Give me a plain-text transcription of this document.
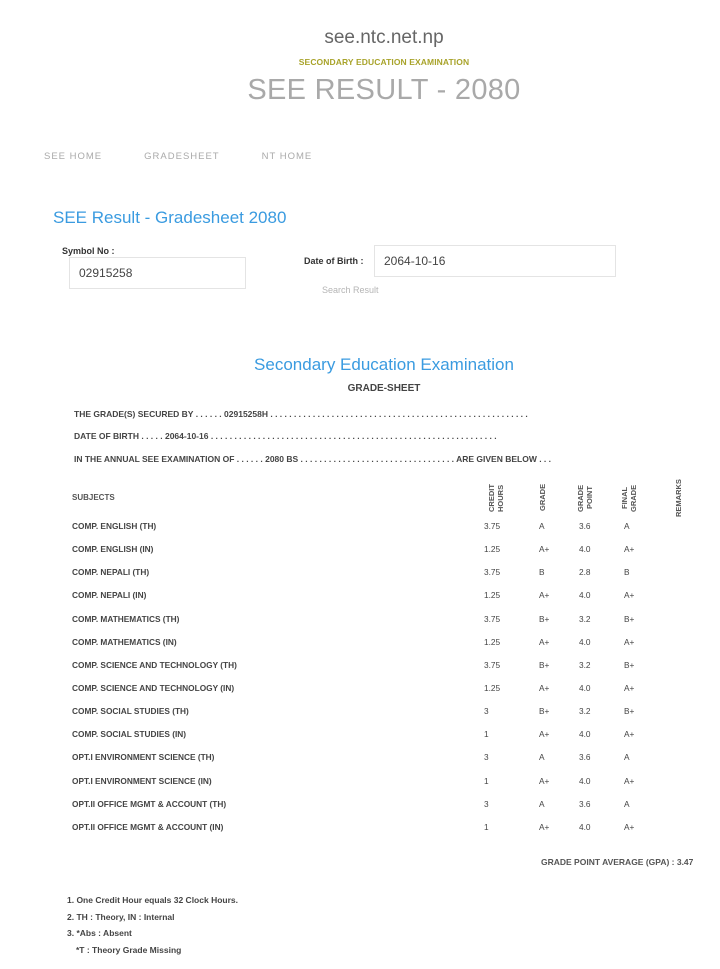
see.ntc.net.np
SECONDARY EDUCATION EXAMINATION
SEE RESULT - 2080
SEE HOME	GRADESHEET	NT HOME
SEE Result - Gradesheet 2080
Symbol No :
02915258
Date of Birth :
2064-10-16
Search Result
Secondary Education Examination
GRADE-SHEET
THE GRADE(S) SECURED BY . . . . . . 02915258H . . . . . . . . . . . . . . . . . . . . . . . . . . . . . . . . . . . . . . . . . . . . . . . . . . . . . . .
DATE OF BIRTH . . . . . 2064-10-16 . . . . . . . . . . . . . . . . . . . . . . . . . . . . . . . . . . . . . . . . . . . . . . . . . . . . . . . . . . . . .
IN THE ANNUAL SEE EXAMINATION OF . . . . . . 2080 BS . . . . . . . . . . . . . . . . . . . . . . . . . . . . . . . . . ARE GIVEN BELOW . . .
SUBJECTS	CREDIT HOURS	GRADE	GRADE POINT	FINAL GRADE	REMARKS
COMP. ENGLISH (TH)	3.75	A	3.6	A
COMP. ENGLISH (IN)	1.25	A+	4.0	A+
COMP. NEPALI (TH)	3.75	B	2.8	B
COMP. NEPALI (IN)	1.25	A+	4.0	A+
COMP. MATHEMATICS (TH)	3.75	B+	3.2	B+
COMP. MATHEMATICS (IN)	1.25	A+	4.0	A+
COMP. SCIENCE AND TECHNOLOGY (TH)	3.75	B+	3.2	B+
COMP. SCIENCE AND TECHNOLOGY (IN)	1.25	A+	4.0	A+
COMP. SOCIAL STUDIES (TH)	3	B+	3.2	B+
COMP. SOCIAL STUDIES (IN)	1	A+	4.0	A+
OPT.I ENVIRONMENT SCIENCE (TH)	3	A	3.6	A
OPT.I ENVIRONMENT SCIENCE (IN)	1	A+	4.0	A+
OPT.II OFFICE MGMT & ACCOUNT (TH)	3	A	3.6	A
OPT.II OFFICE MGMT & ACCOUNT (IN)	1	A+	4.0	A+
GRADE POINT AVERAGE (GPA) : 3.47
1. One Credit Hour equals 32 Clock Hours.
2. TH : Theory, IN : Internal
3. *Abs : Absent
*T : Theory Grade Missing
